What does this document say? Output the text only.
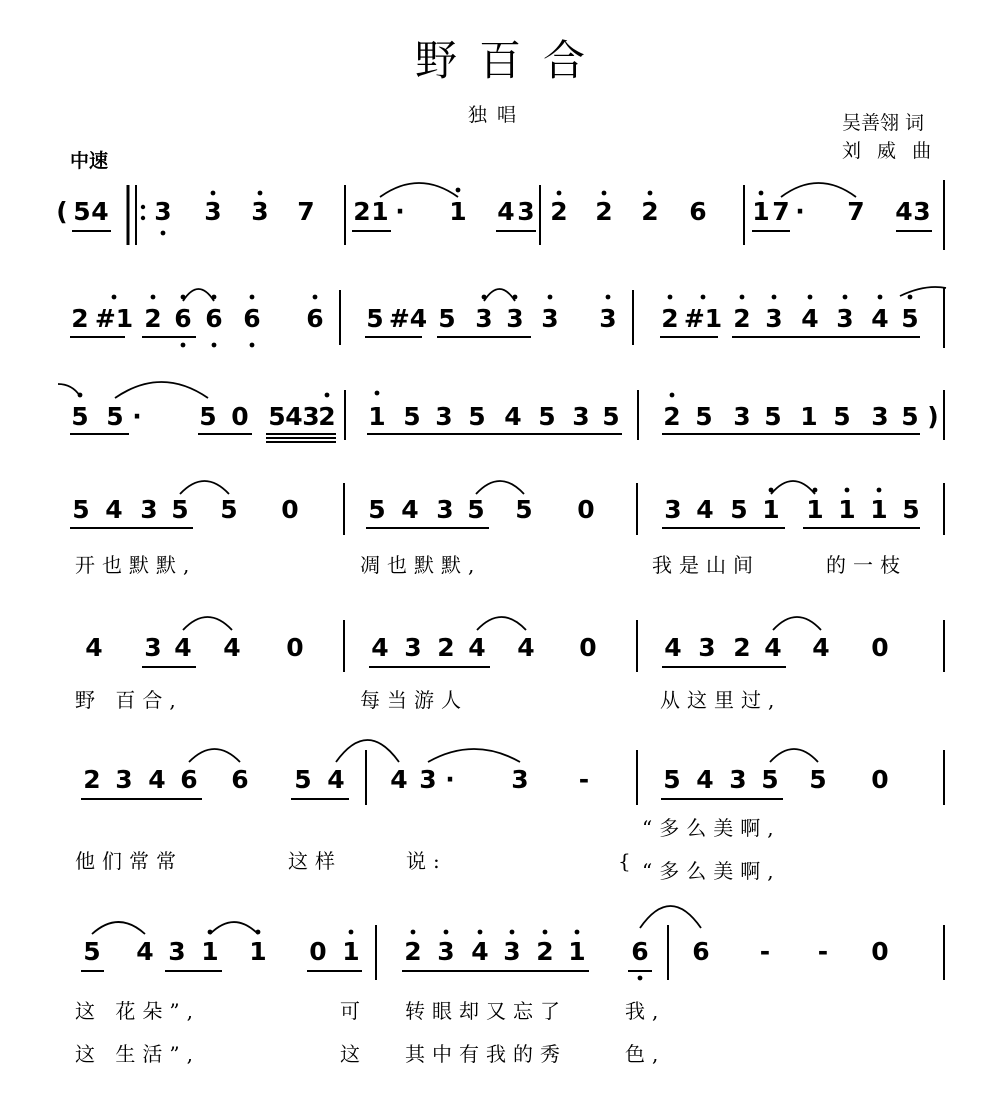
野百合
独唱	吴善翎 词
刘 威 曲
中速
( 5 4 3 3 3 7 2 1 · 1 4 3 2 2 2 6 1 7 · 7 4 3
2 #1 2 6 6 6 6 5 #4 5 3 3 3 3 2 #1 2 3 4 3 4 5
5 5 · 5 0 5 4 3
2 1 5 3 5 4 5 3 5 2 5 3 5 1 5 3 5 )
5 4 3 5 5 0	5 4 3 5 5 0	3 4 5 1 1 1 1 5
开也默默,	凋也默默,	我是山间	的一枝
4 3 4 4 0	4 3 2 4 4 0	4 3 2 4 4 0
野 百合,	每当游人	从这里过,
2 3 4 6 6 5 4 4 3 · 3 -	5 4 3 5 5 0
他们常常	这样	说:	{
“多么美啊,
“多么美啊,
5 4 3 1 1 0 1 2 3 4 3 2 1 6 6 - - 0
这 花朵”,	可 转眼却又忘了	我,
这 生活”,	这 其中有我的秀	色,
